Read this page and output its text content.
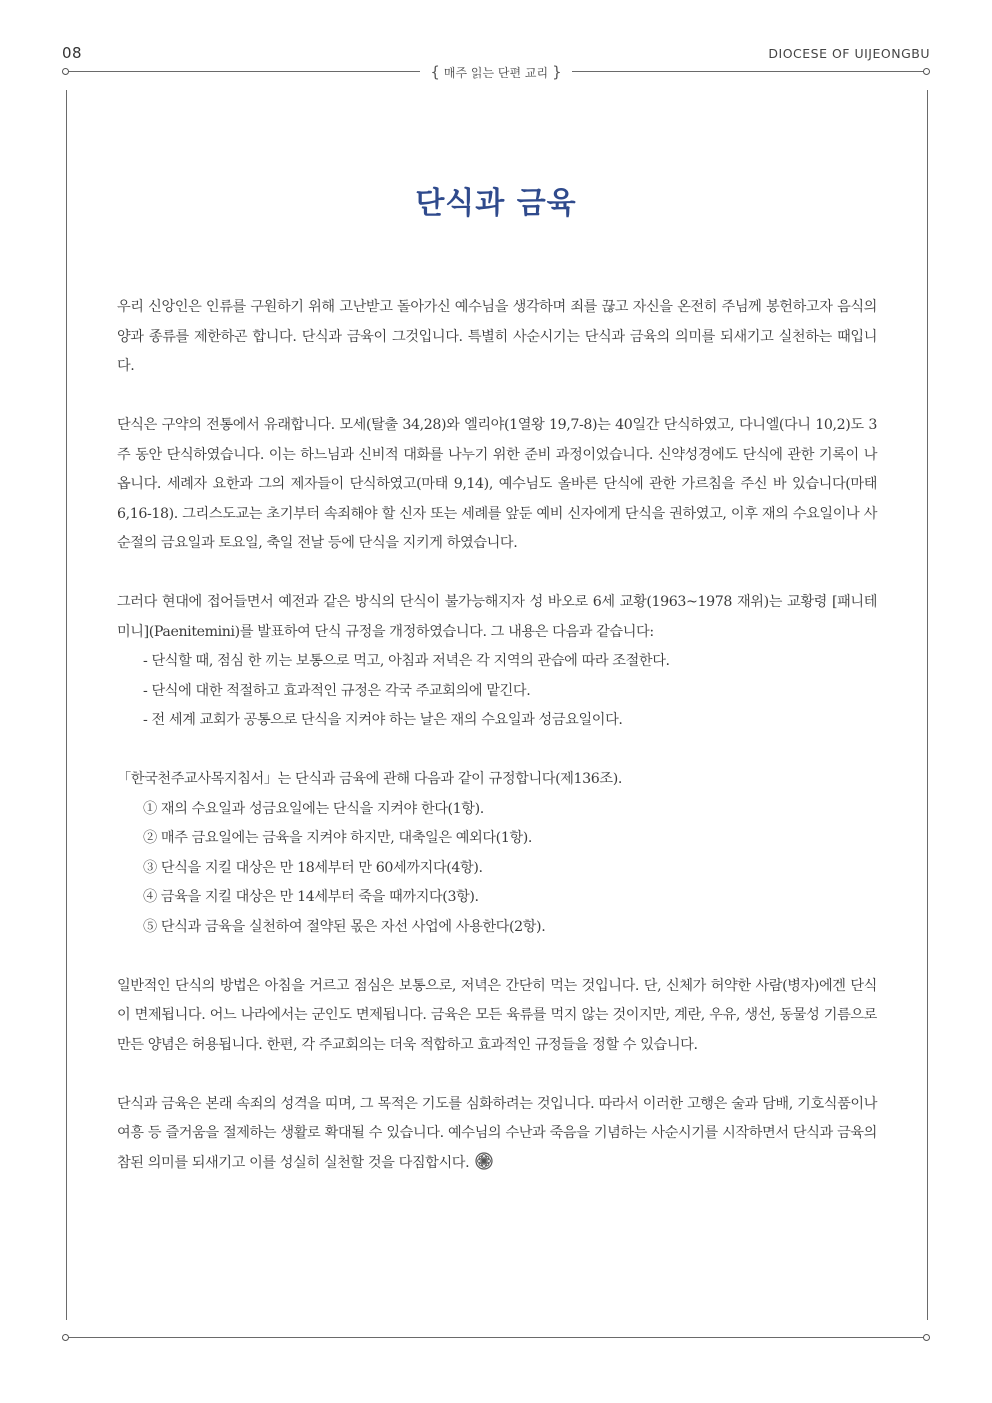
08	DIOCESE OF UIJEONGBU
{ 매주 읽는 단편 교리 }
단식과 금육

우리 신앙인은 인류를 구원하기 위해 고난받고 돌아가신 예수님을 생각하며 죄를 끊고 자신을 온전히 주님께 봉헌하고자 음식의 양과 종류를 제한하곤 합니다. 단식과 금육이 그것입니다. 특별히 사순시기는 단식과 금육의 의미를 되새기고 실천하는 때입니다.

단식은 구약의 전통에서 유래합니다. 모세(탈출 34,28)와 엘리야(1열왕 19,7-8)는 40일간 단식하였고, 다니엘(다니 10,2)도 3주 동안 단식하였습니다. 이는 하느님과 신비적 대화를 나누기 위한 준비 과정이었습니다. 신약성경에도 단식에 관한 기록이 나옵니다. 세례자 요한과 그의 제자들이 단식하였고(마태 9,14), 예수님도 올바른 단식에 관한 가르침을 주신 바 있습니다(마태 6,16-18). 그리스도교는 초기부터 속죄해야 할 신자 또는 세례를 앞둔 예비 신자에게 단식을 권하였고, 이후 재의 수요일이나 사순절의 금요일과 토요일, 축일 전날 등에 단식을 지키게 하였습니다.

그러다 현대에 접어들면서 예전과 같은 방식의 단식이 불가능해지자 성 바오로 6세 교황(1963~1978 재위)는 교황령 [패니테미니](Paenitemini)를 발표하여 단식 규정을 개정하였습니다. 그 내용은 다음과 같습니다:
- 단식할 때, 점심 한 끼는 보통으로 먹고, 아침과 저녁은 각 지역의 관습에 따라 조절한다.
- 단식에 대한 적절하고 효과적인 규정은 각국 주교회의에 맡긴다.
- 전 세계 교회가 공통으로 단식을 지켜야 하는 날은 재의 수요일과 성금요일이다.
「한국천주교사목지침서」는 단식과 금육에 관해 다음과 같이 규정합니다(제136조).
① 재의 수요일과 성금요일에는 단식을 지켜야 한다(1항).
② 매주 금요일에는 금육을 지켜야 하지만, 대축일은 예외다(1항).
③ 단식을 지킬 대상은 만 18세부터 만 60세까지다(4항).
④ 금육을 지킬 대상은 만 14세부터 죽을 때까지다(3항).
⑤ 단식과 금육을 실천하여 절약된 몫은 자선 사업에 사용한다(2항).

일반적인 단식의 방법은 아침을 거르고 점심은 보통으로, 저녁은 간단히 먹는 것입니다. 단, 신체가 허약한 사람(병자)에겐 단식이 면제됩니다. 어느 나라에서는 군인도 면제됩니다. 금육은 모든 육류를 먹지 않는 것이지만, 계란, 우유, 생선, 동물성 기름으로 만든 양념은 허용됩니다. 한편, 각 주교회의는 더욱 적합하고 효과적인 규정들을 정할 수 있습니다.

단식과 금육은 본래 속죄의 성격을 띠며, 그 목적은 기도를 심화하려는 것입니다. 따라서 이러한 고행은 술과 담배, 기호식품이나 여흥 등 즐거움을 절제하는 생활로 확대될 수 있습니다. 예수님의 수난과 죽음을 기념하는 사순시기를 시작하면서 단식과 금육의 참된 의미를 되새기고 이를 성실히 실천할 것을 다짐합시다.
